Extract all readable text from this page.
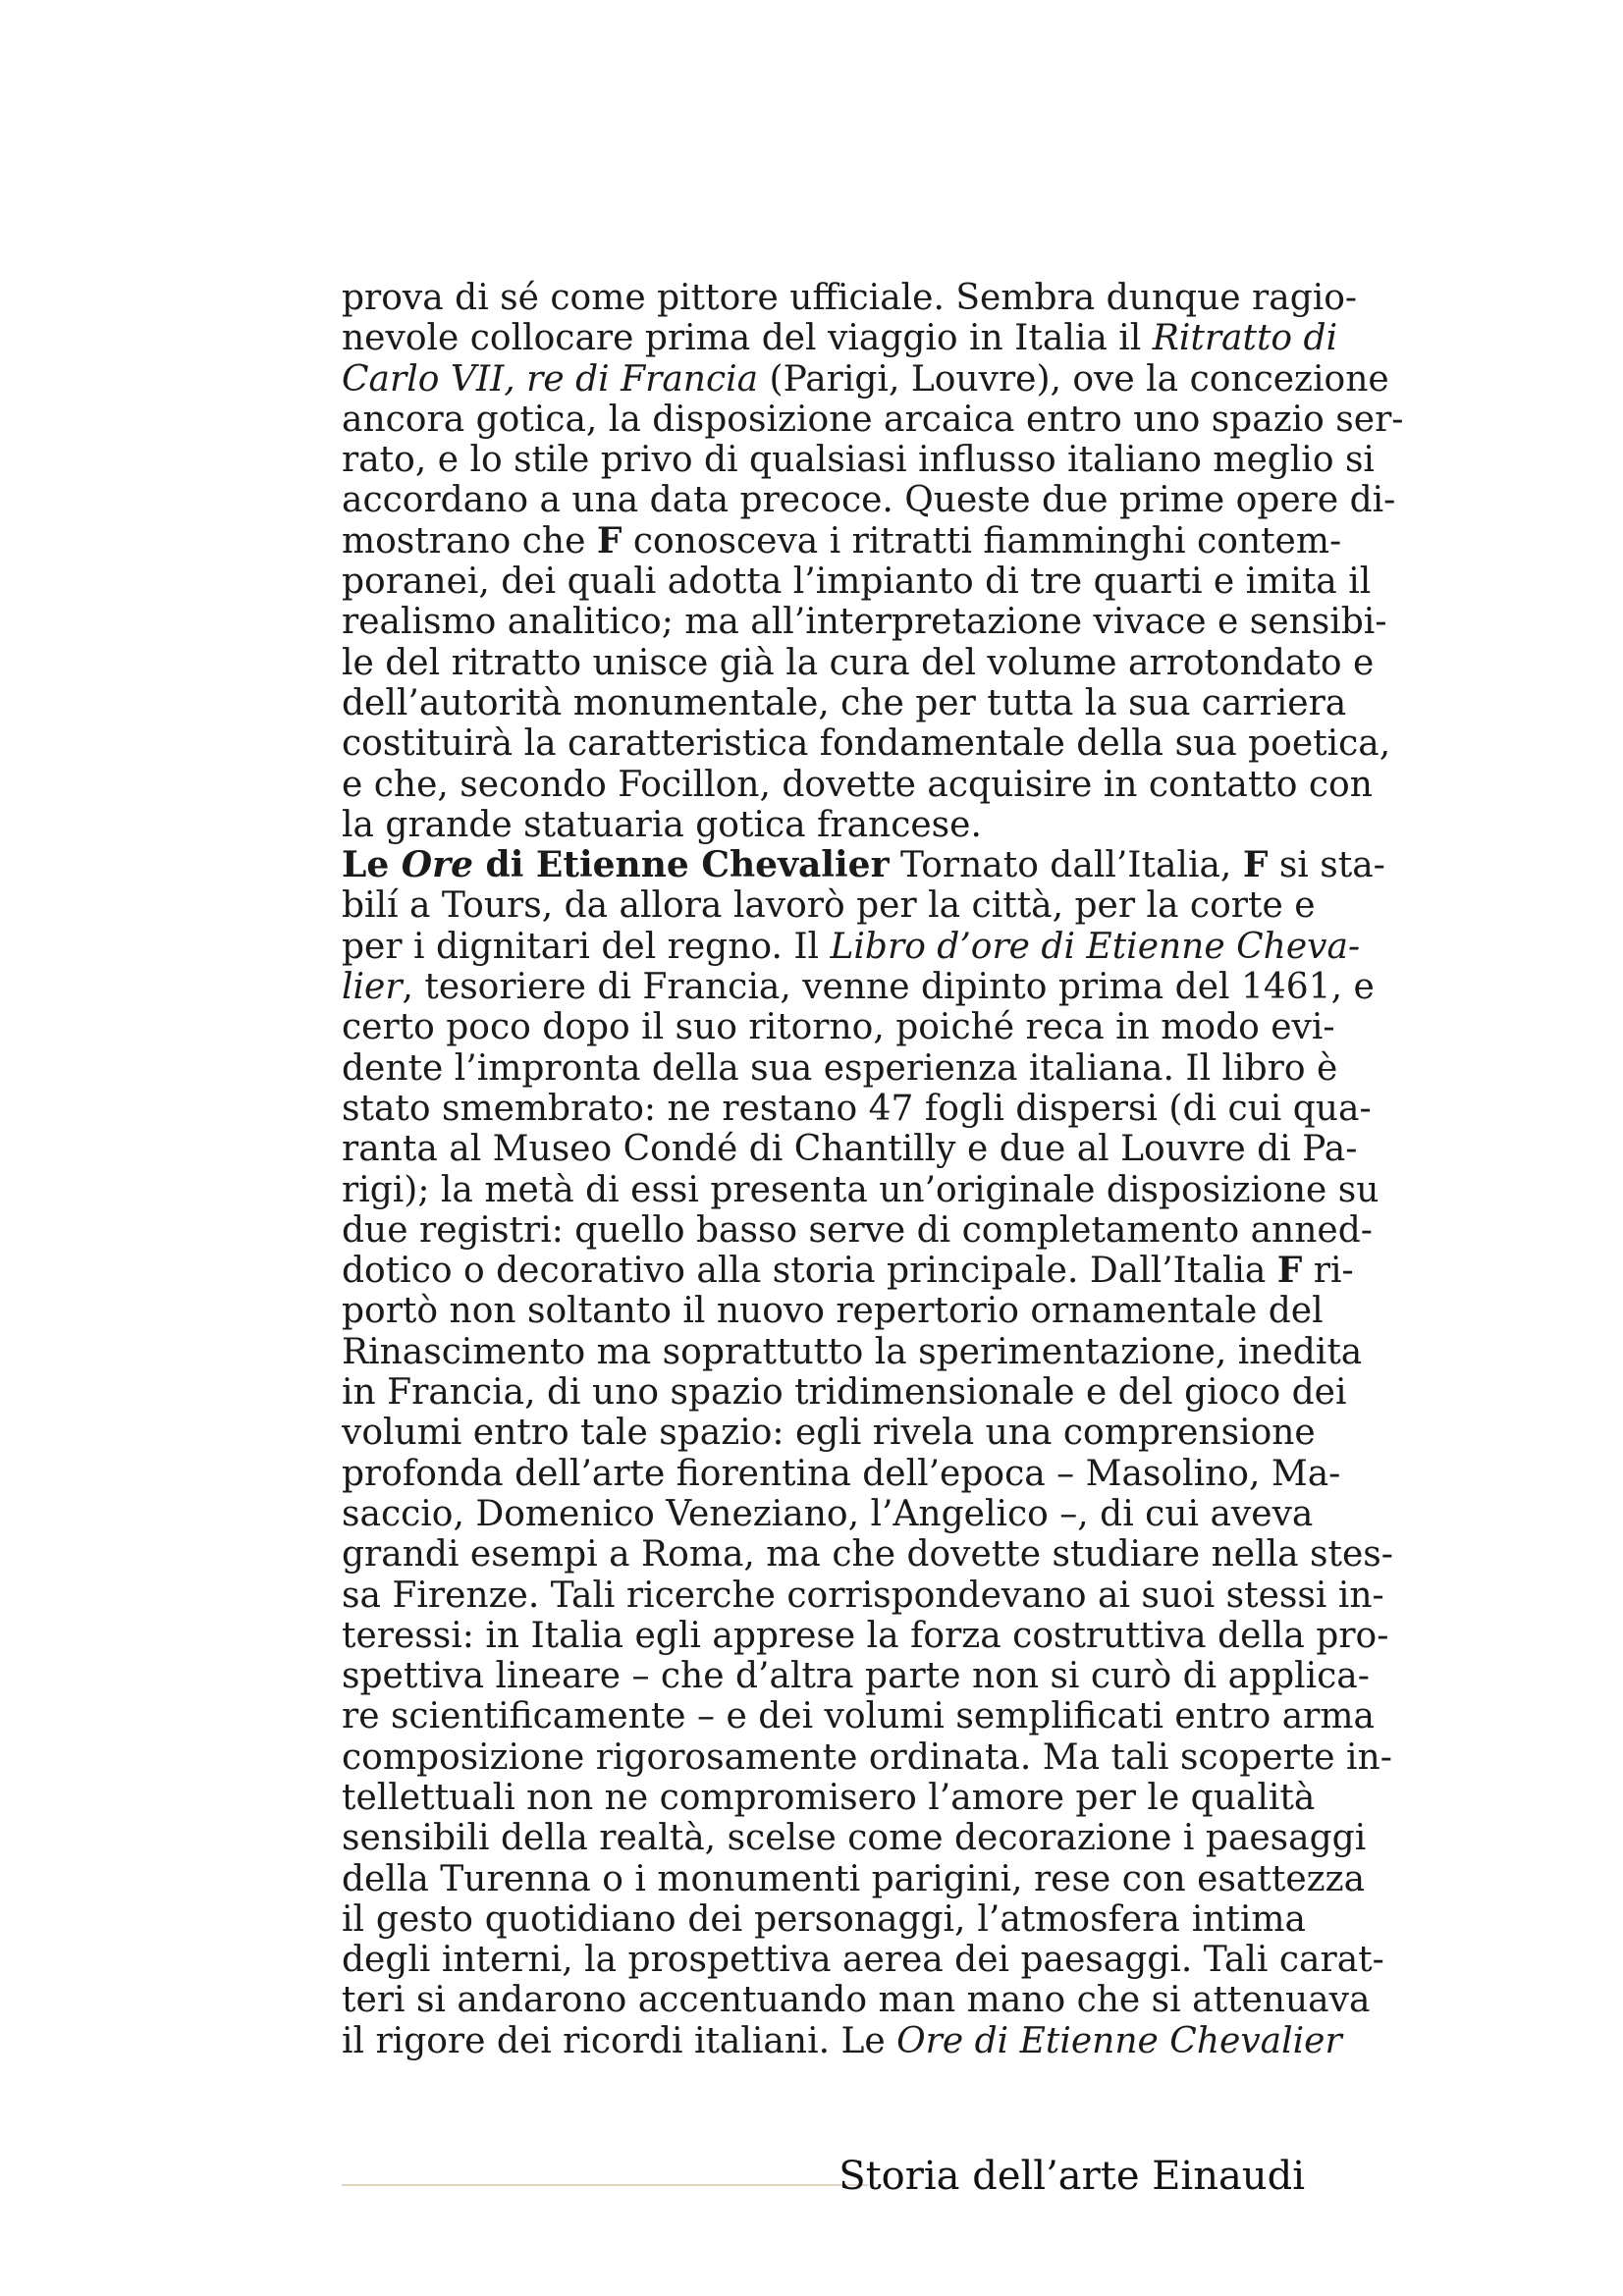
prova di sé come pittore ufficiale. Sembra dunque ragio-
nevole collocare prima del viaggio in Italia il Ritratto di
Carlo VII, re di Francia (Parigi, Louvre), ove la concezione
ancora gotica, la disposizione arcaica entro uno spazio ser-
rato, e lo stile privo di qualsiasi influsso italiano meglio si
accordano a una data precoce. Queste due prime opere di-
mostrano che F conosceva i ritratti fiamminghi contem-
poranei, dei quali adotta l’impianto di tre quarti e imita il
realismo analitico; ma all’interpretazione vivace e sensibi-
le del ritratto unisce già la cura del volume arrotondato e
dell’autorità monumentale, che per tutta la sua carriera
costituirà la caratteristica fondamentale della sua poetica,
e che, secondo Focillon, dovette acquisire in contatto con
la grande statuaria gotica francese.
Le Ore di Etienne Chevalier Tornato dall’Italia, F si sta-
bilí a Tours, da allora lavorò per la città, per la corte e
per i dignitari del regno. Il Libro d’ore di Etienne Cheva-
lier, tesoriere di Francia, venne dipinto prima del 1461, e
certo poco dopo il suo ritorno, poiché reca in modo evi-
dente l’impronta della sua esperienza italiana. Il libro è
stato smembrato: ne restano 47 fogli dispersi (di cui qua-
ranta al Museo Condé di Chantilly e due al Louvre di Pa-
rigi); la metà di essi presenta un’originale disposizione su
due registri: quello basso serve di completamento anned-
dotico o decorativo alla storia principale. Dall’Italia F ri-
portò non soltanto il nuovo repertorio ornamentale del
Rinascimento ma soprattutto la sperimentazione, inedita
in Francia, di uno spazio tridimensionale e del gioco dei
volumi entro tale spazio: egli rivela una comprensione
profonda dell’arte fiorentina dell’epoca – Masolino, Ma-
saccio, Domenico Veneziano, l’Angelico –, di cui aveva
grandi esempi a Roma, ma che dovette studiare nella stes-
sa Firenze. Tali ricerche corrispondevano ai suoi stessi in-
teressi: in Italia egli apprese la forza costruttiva della pro-
spettiva lineare – che d’altra parte non si curò di applica-
re scientificamente – e dei volumi semplificati entro arma
composizione rigorosamente ordinata. Ma tali scoperte in-
tellettuali non ne compromisero l’amore per le qualità
sensibili della realtà, scelse come decorazione i paesaggi
della Turenna o i monumenti parigini, rese con esattezza
il gesto quotidiano dei personaggi, l’atmosfera intima
degli interni, la prospettiva aerea dei paesaggi. Tali carat-
teri si andarono accentuando man mano che si attenuava
il rigore dei ricordi italiani. Le Ore di Etienne Chevalier
Storia dell’arte Einaudi
